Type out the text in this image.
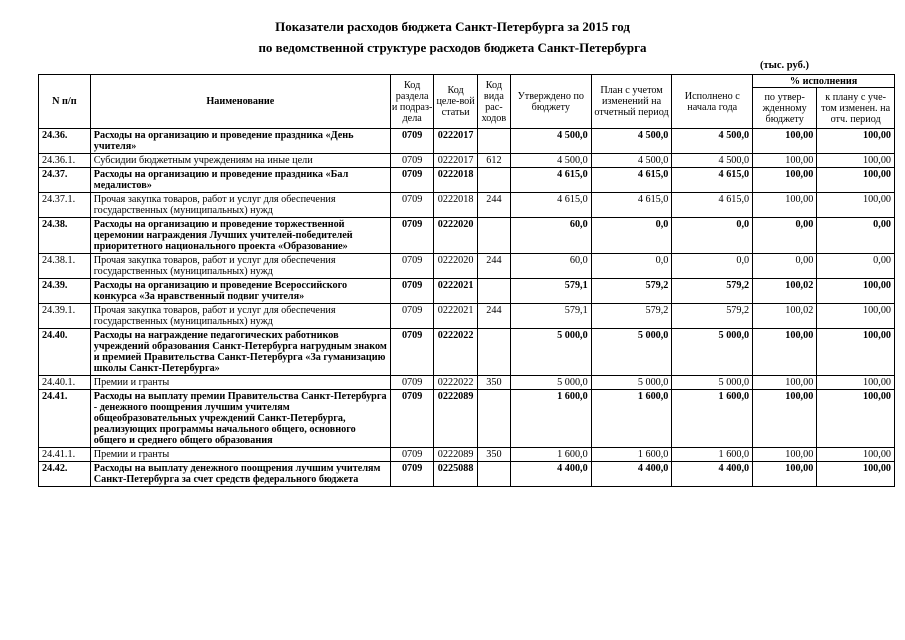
Показатели расходов бюджета Санкт-Петербурга за 2015 год
по ведомственной структуре расходов бюджета Санкт-Петербурга
(тыс. руб.)
N п/п	Наименование	Код раздела и подраз-дела	Код целе-вой статьи	Код вида рас-ходов	Утверждено по бюджету	План с учетом изменений на отчетный период	Исполнено с начала года	% исполнения	
								по утвер-жденному бюджету	к плану с уче-том изменен. на отч. период
24.36.	Расходы на организацию и проведение праздника «День учителя»	0709	0222017		4 500,0	4 500,0	4 500,0	100,00	100,00
24.36.1.	Субсидии бюджетным учреждениям на иные цели	0709	0222017	612	4 500,0	4 500,0	4 500,0	100,00	100,00
24.37.	Расходы на организацию и проведение праздника «Бал медалистов»	0709	0222018		4 615,0	4 615,0	4 615,0	100,00	100,00
24.37.1.	Прочая закупка товаров, работ и услуг для обеспечения государственных (муниципальных) нужд	0709	0222018	244	4 615,0	4 615,0	4 615,0	100,00	100,00
24.38.	Расходы на организацию и проведение торжественной церемонии награждения Лучших учителей-победителей приоритетного национального проекта «Образование»	0709	0222020		60,0	0,0	0,0	0,00	0,00
24.38.1.	Прочая закупка товаров, работ и услуг для обеспечения государственных (муниципальных) нужд	0709	0222020	244	60,0	0,0	0,0	0,00	0,00
24.39.	Расходы на организацию и проведение Всероссийского конкурса «За нравственный подвиг учителя»	0709	0222021		579,1	579,2	579,2	100,02	100,00
24.39.1.	Прочая закупка товаров, работ и услуг для обеспечения государственных (муниципальных) нужд	0709	0222021	244	579,1	579,2	579,2	100,02	100,00
24.40.	Расходы на награждение педагогических работников учреждений образования Санкт-Петербурга нагрудным знаком и премией Правительства Санкт-Петербурга «За гуманизацию школы Санкт-Петербурга»	0709	0222022		5 000,0	5 000,0	5 000,0	100,00	100,00
24.40.1.	Премии и гранты	0709	0222022	350	5 000,0	5 000,0	5 000,0	100,00	100,00
24.41.	Расходы на выплату премии Правительства Санкт-Петербурга - денежного поощрения лучшим учителям общеобразовательных учреждений Санкт-Петербурга, реализующих программы начального общего, основного общего и среднего общего образования	0709	0222089		1 600,0	1 600,0	1 600,0	100,00	100,00
24.41.1.	Премии и гранты	0709	0222089	350	1 600,0	1 600,0	1 600,0	100,00	100,00
24.42.	Расходы на выплату денежного поощрения лучшим учителям Санкт-Петербурга за счет средств федерального бюджета	0709	0225088		4 400,0	4 400,0	4 400,0	100,00	100,00
